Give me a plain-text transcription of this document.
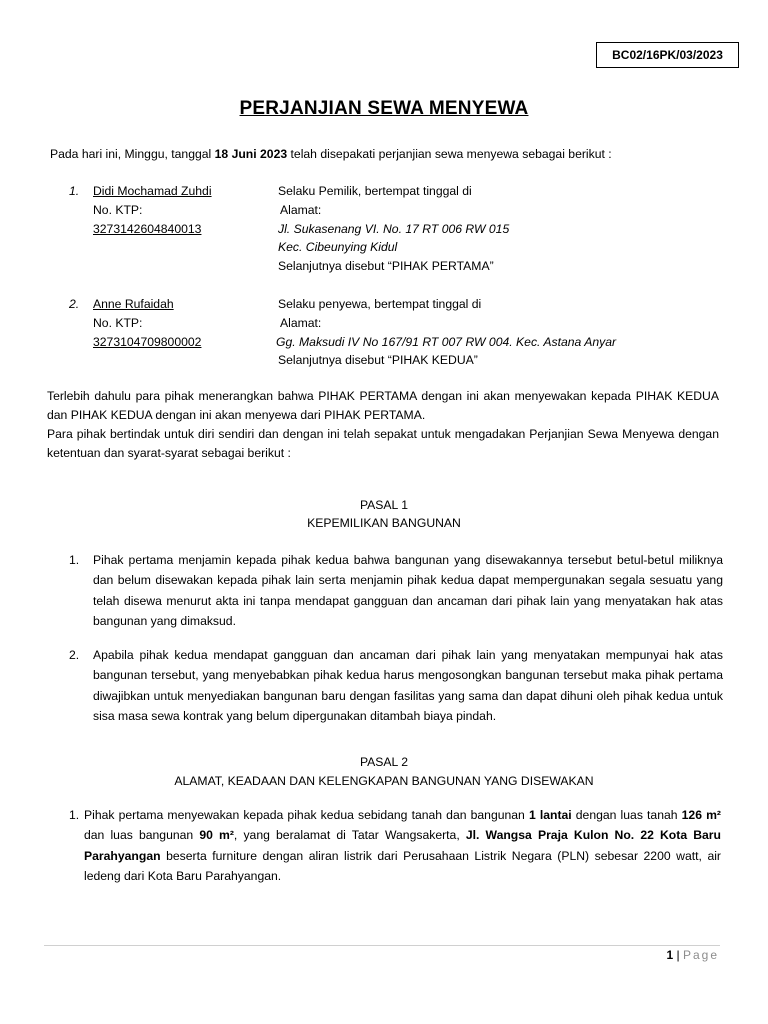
BC02/16PK/03/2023
PERJANJIAN SEWA MENYEWA
Pada hari ini, Minggu, tanggal 18 Juni 2023 telah disepakati perjanjian sewa menyewa sebagai berikut :
1. Didi Mochamad Zuhdi	Selaku Pemilik, bertempat tinggal di
No. KTP:	Alamat:
3273142604840013	Jl. Sukasenang VI. No. 17 RT 006 RW 015
Kec. Cibeunying Kidul
Selanjutnya disebut “PIHAK PERTAMA”
2. Anne Rufaidah	Selaku penyewa, bertempat tinggal di
No. KTP:	Alamat:
3273104709800002	Gg. Maksudi IV No 167/91 RT 007 RW 004. Kec. Astana Anyar
Selanjutnya disebut “PIHAK KEDUA”
Terlebih dahulu para pihak menerangkan bahwa PIHAK PERTAMA dengan ini akan menyewakan kepada PIHAK KEDUA dan PIHAK KEDUA dengan ini akan menyewa dari PIHAK PERTAMA.
Para pihak bertindak untuk diri sendiri dan dengan ini telah sepakat untuk mengadakan Perjanjian Sewa Menyewa dengan ketentuan dan syarat-syarat sebagai berikut :
PASAL 1
KEPEMILIKAN BANGUNAN
1. Pihak pertama menjamin kepada pihak kedua bahwa bangunan yang disewakannya tersebut betul-betul miliknya dan belum disewakan kepada pihak lain serta menjamin pihak kedua dapat mempergunakan segala sesuatu yang telah disewa menurut akta ini tanpa mendapat gangguan dan ancaman dari pihak lain yang menyatakan hak atas bangunan yang dimaksud.
2. Apabila pihak kedua mendapat gangguan dan ancaman dari pihak lain yang menyatakan mempunyai hak atas bangunan tersebut, yang menyebabkan pihak kedua harus mengosongkan bangunan tersebut maka pihak pertama diwajibkan untuk menyediakan bangunan baru dengan fasilitas yang sama dan dapat dihuni oleh pihak kedua untuk sisa masa sewa kontrak yang belum dipergunakan ditambah biaya pindah.
PASAL 2
ALAMAT, KEADAAN DAN KELENGKAPAN BANGUNAN YANG DISEWAKAN
1. Pihak pertama menyewakan kepada pihak kedua sebidang tanah dan bangunan 1 lantai dengan luas tanah 126 m² dan luas bangunan 90 m², yang beralamat di Tatar Wangsakerta, Jl. Wangsa Praja Kulon No. 22 Kota Baru Parahyangan beserta furniture dengan aliran listrik dari Perusahaan Listrik Negara (PLN) sebesar 2200 watt, air ledeng dari Kota Baru Parahyangan.
1 | Page
